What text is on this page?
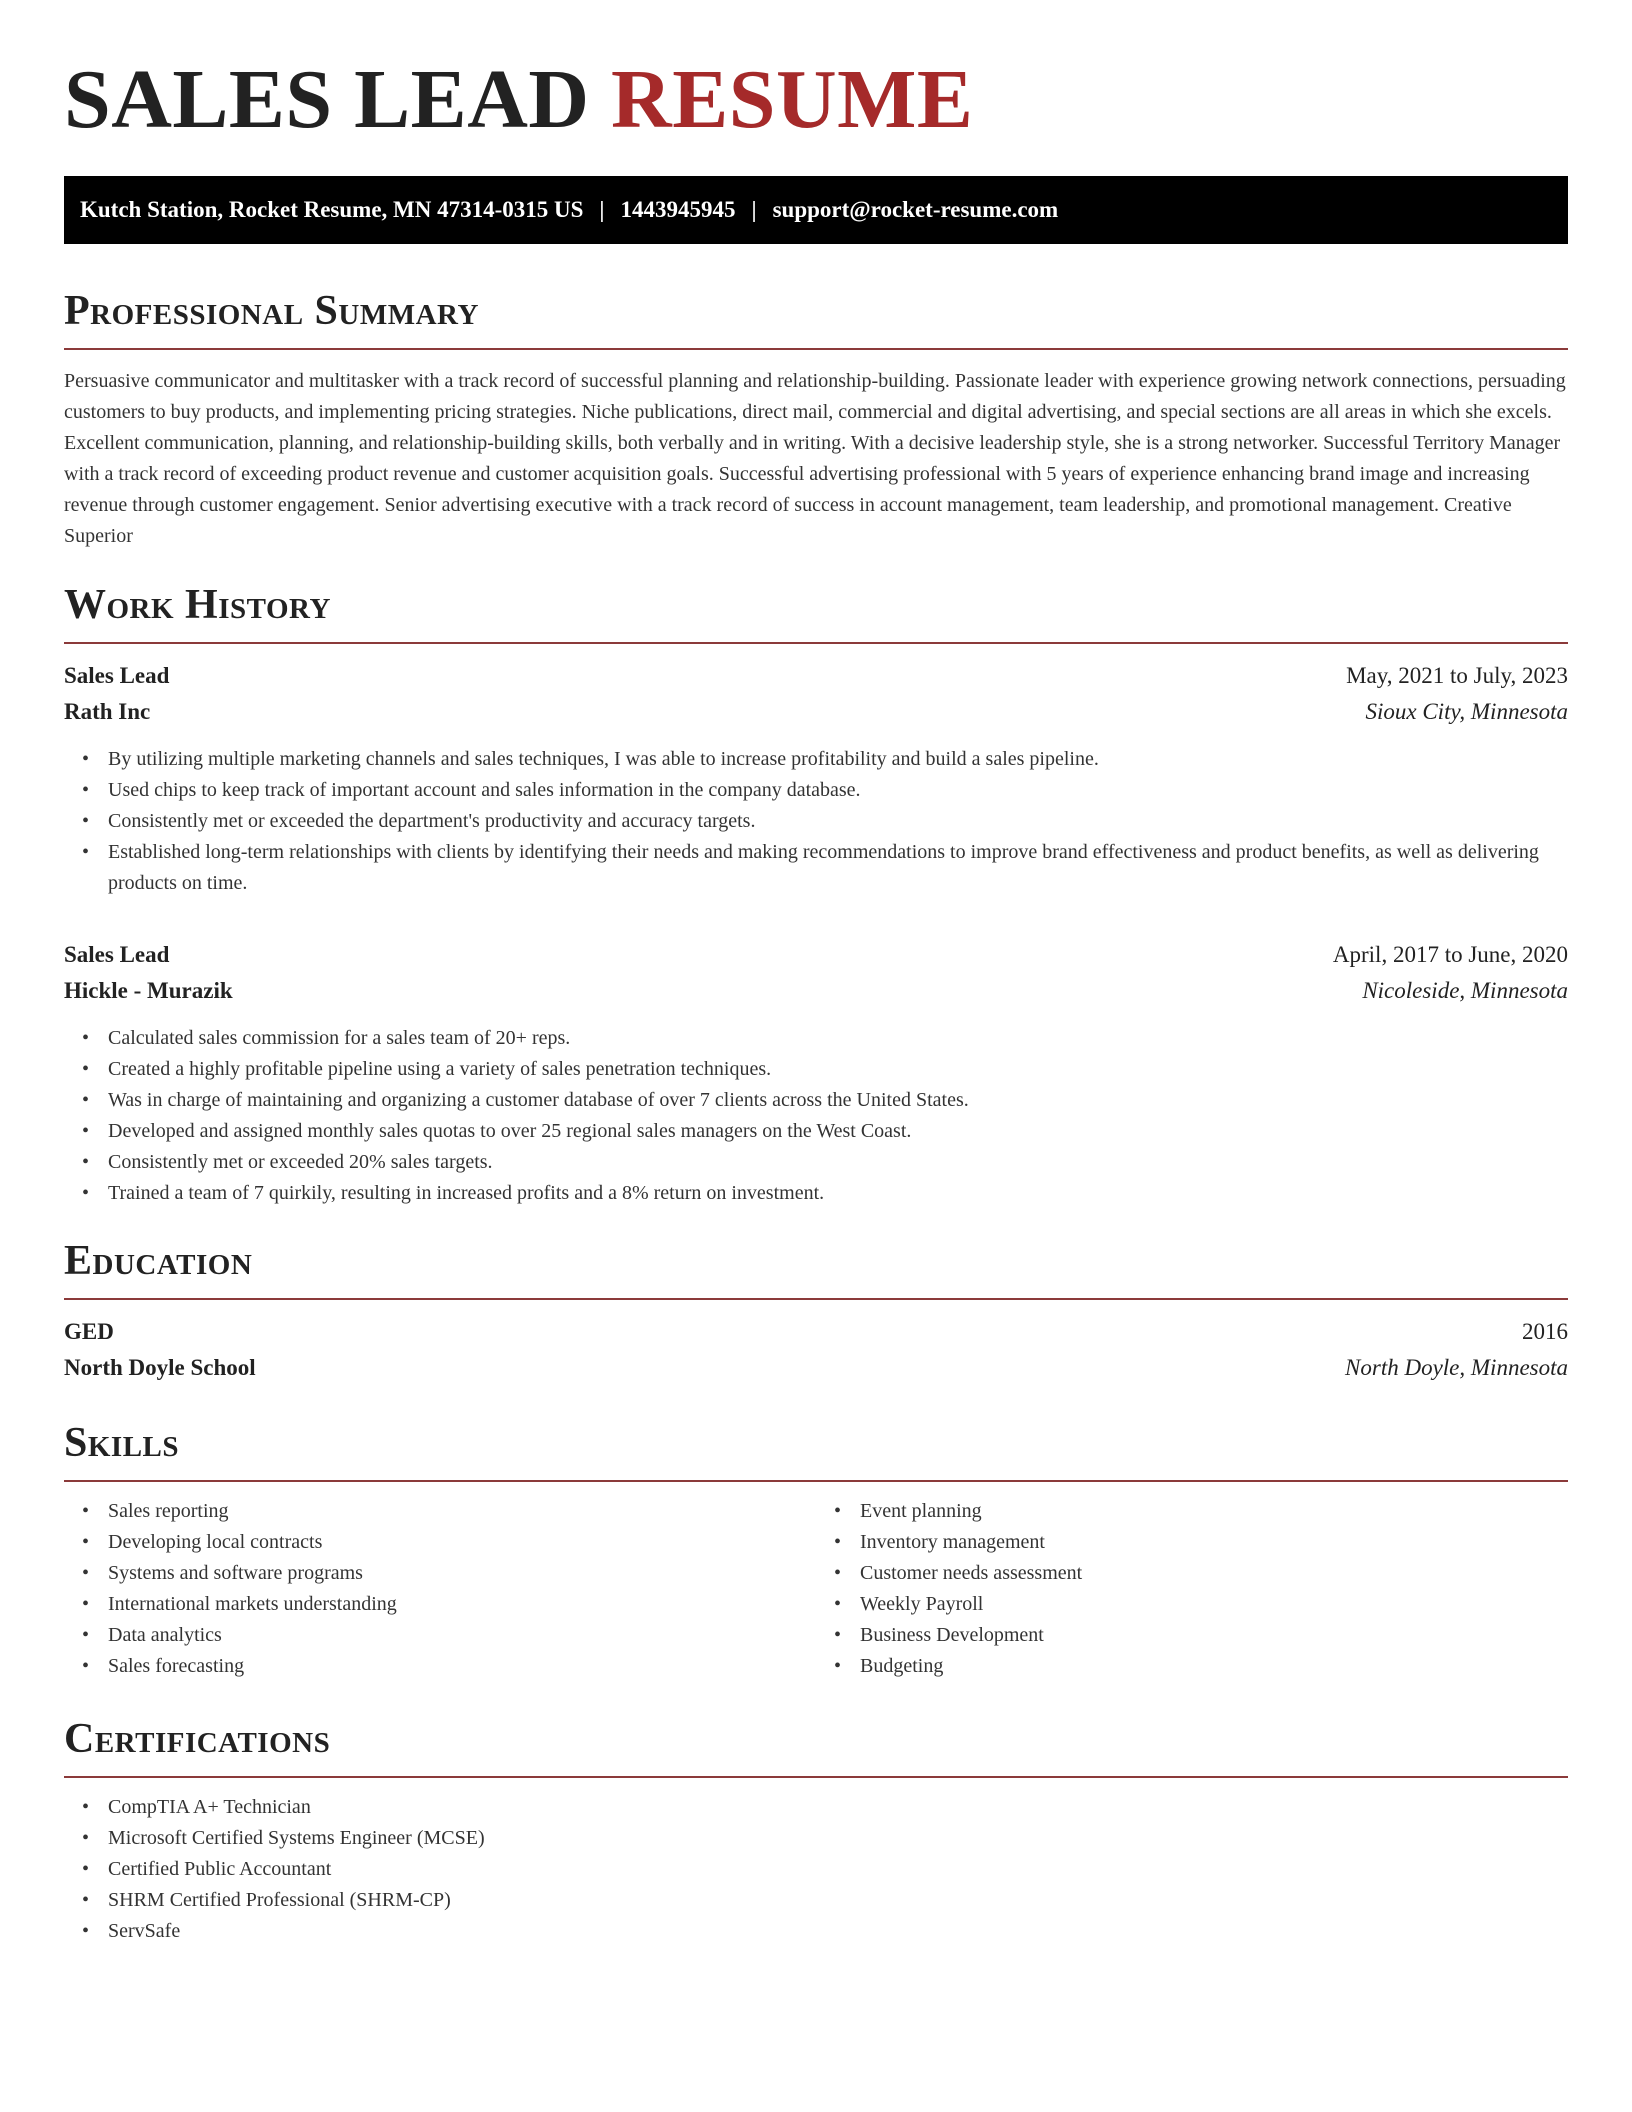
SALES LEAD RESUME
Kutch Station, Rocket Resume, MN 47314-0315 US | 1443945945 | support@rocket-resume.com
Professional Summary

Persuasive communicator and multitasker with a track record of successful planning and relationship-building. Passionate leader with experience growing network connections, persuading customers to buy products, and implementing pricing strategies. Niche publications, direct mail, commercial and digital advertising, and special sections are all areas in which she excels. Excellent communication, planning, and relationship-building skills, both verbally and in writing. With a decisive leadership style, she is a strong networker. Successful Territory Manager with a track record of exceeding product revenue and customer acquisition goals. Successful advertising professional with 5 years of experience enhancing brand image and increasing revenue through customer engagement. Senior advertising executive with a track record of success in account management, team leadership, and promotional management. Creative Superior

Work History
Sales Lead	May, 2021 to July, 2023
Rath Inc	Sioux City, Minnesota
• By utilizing multiple marketing channels and sales techniques, I was able to increase profitability and build a sales pipeline.
• Used chips to keep track of important account and sales information in the company database.
• Consistently met or exceeded the department's productivity and accuracy targets.
• Established long-term relationships with clients by identifying their needs and making recommendations to improve brand effectiveness and product benefits, as well as delivering products on time.
Sales Lead	April, 2017 to June, 2020
Hickle - Murazik	Nicoleside, Minnesota
• Calculated sales commission for a sales team of 20+ reps.
• Created a highly profitable pipeline using a variety of sales penetration techniques.
• Was in charge of maintaining and organizing a customer database of over 7 clients across the United States.
• Developed and assigned monthly sales quotas to over 25 regional sales managers on the West Coast.
• Consistently met or exceeded 20% sales targets.
• Trained a team of 7 quirkily, resulting in increased profits and a 8% return on investment.
Education
GED	2016
North Doyle School	North Doyle, Minnesota
Skills
• Sales reporting
• Developing local contracts
• Systems and software programs
• International markets understanding
• Data analytics
• Sales forecasting
• Event planning
• Inventory management
• Customer needs assessment
• Weekly Payroll
• Business Development
• Budgeting
Certifications
• CompTIA A+ Technician
• Microsoft Certified Systems Engineer (MCSE)
• Certified Public Accountant
• SHRM Certified Professional (SHRM-CP)
• ServSafe
